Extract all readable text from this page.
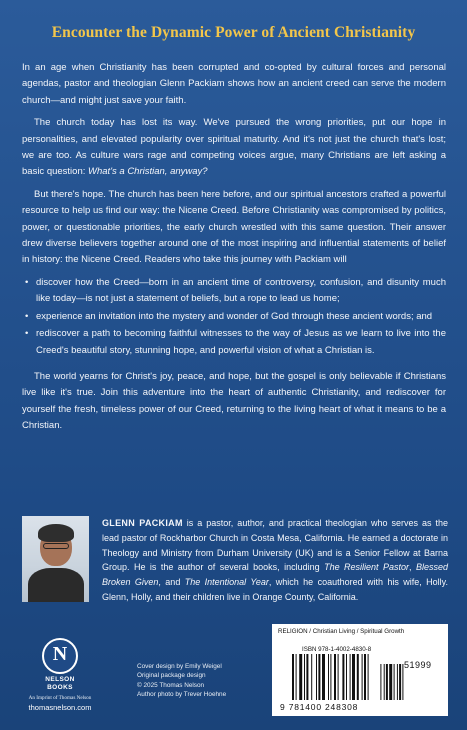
Encounter the Dynamic Power of Ancient Christianity

In an age when Christianity has been corrupted and co-opted by cultural forces and personal agendas, pastor and theologian Glenn Packiam shows how an ancient creed can serve the modern church—and might just save your faith.

The church today has lost its way. We've pursued the wrong priorities, put our hope in personalities, and elevated popularity over spiritual maturity. And it's not just the church that's lost; we are too. As culture wars rage and competing voices argue, many Christians are left asking a basic question: What's a Christian, anyway?

But there's hope. The church has been here before, and our spiritual ancestors crafted a powerful resource to help us find our way: the Nicene Creed. Before Christianity was compromised by politics, power, or questionable priorities, the early church wrestled with this same question. Their answer drew diverse believers together around one of the most inspiring and influential statements of belief in history: the Nicene Creed. Readers who take this journey with Packiam will

• discover how the Creed—born in an ancient time of controversy, confusion, and disunity much like today—is not just a statement of beliefs, but a rope to lead us home;
• experience an invitation into the mystery and wonder of God through these ancient words; and
• rediscover a path to becoming faithful witnesses to the way of Jesus as we learn to live into the Creed's beautiful story, stunning hope, and powerful vision of what a Christian is.

The world yearns for Christ's joy, peace, and hope, but the gospel is only believable if Christians live like it's true. Join this adventure into the heart of authentic Christianity, and rediscover for yourself the fresh, timeless power of our Creed, returning to the living heart of what it means to be a Christian.

GLENN PACKIAM is a pastor, author, and practical theologian who serves as the lead pastor of Rockharbor Church in Costa Mesa, California. He earned a doctorate in Theology and Ministry from Durham University (UK) and is a Senior Fellow at Barna Group. He is the author of several books, including The Resilient Pastor, Blessed Broken Given, and The Intentional Year, which he coauthored with his wife, Holly. Glenn, Holly, and their children live in Orange County, California.
N
NELSON
BOOKS
An Imprint of Thomas Nelson
thomasnelson.com
Cover design by Emily Weigel
Original package design
© 2025 Thomas Nelson
Author photo by Trever Hoehne
RELIGION / Christian Living / Spiritual Growth
ISBN 978-1-4002-4830-8
51999
9 781400 248308
